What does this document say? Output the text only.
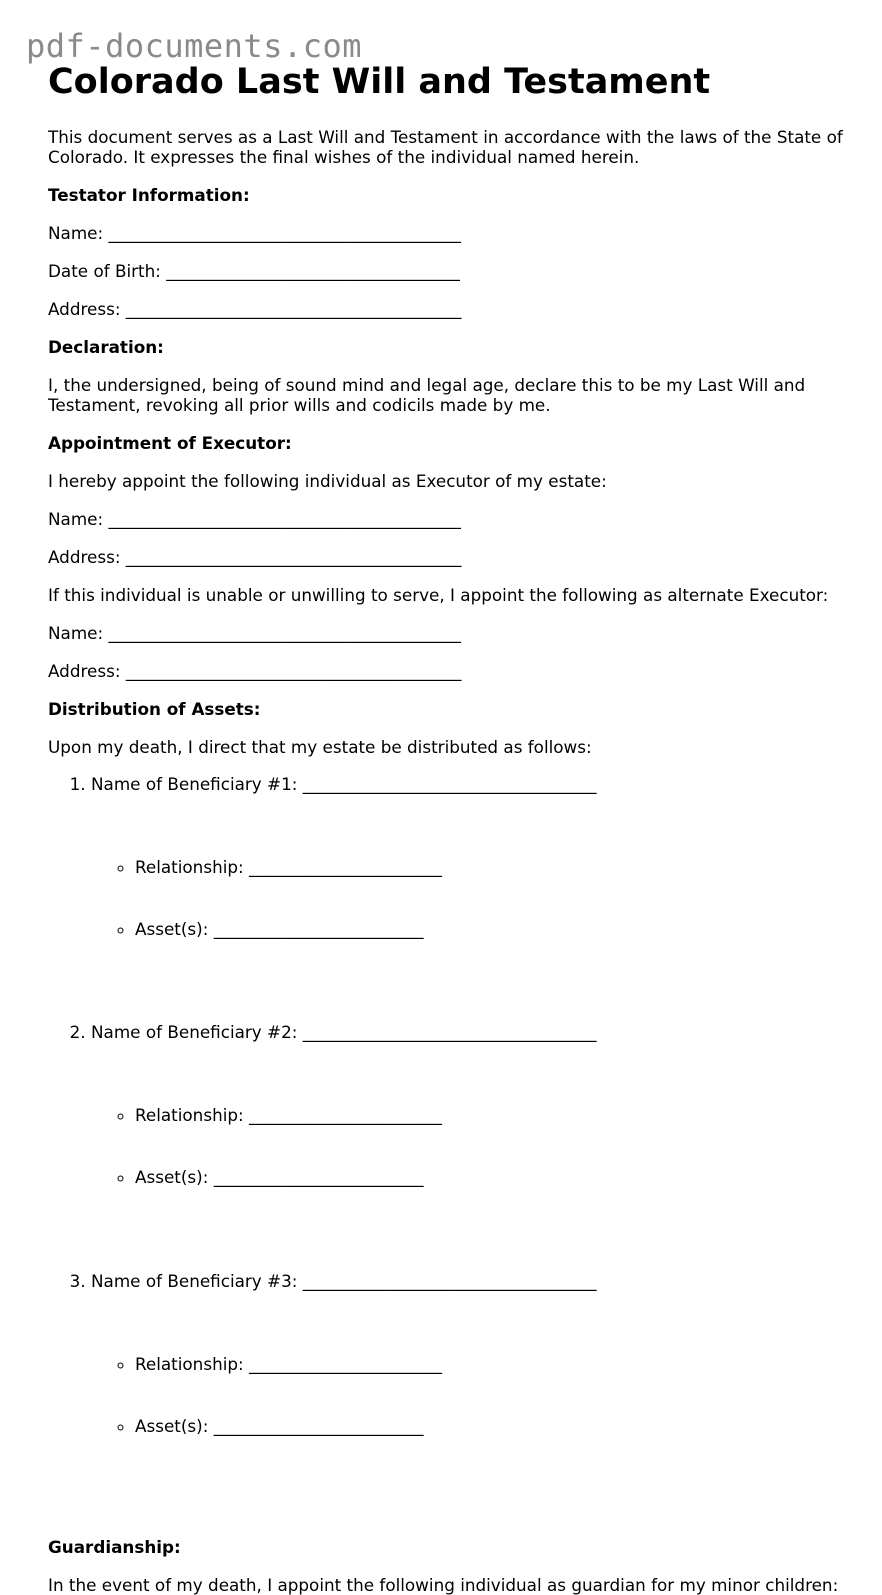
pdf-documents.com
Colorado Last Will and Testament

This document serves as a Last Will and Testament in accordance with the laws of the State of Colorado. It expresses the final wishes of the individual named herein.

Testator Information:

Name: __________________________________________

Date of Birth: ___________________________________

Address: ________________________________________

Declaration:

I, the undersigned, being of sound mind and legal age, declare this to be my Last Will and Testament, revoking all prior wills and codicils made by me.

Appointment of Executor:

I hereby appoint the following individual as Executor of my estate:

Name: __________________________________________

Address: ________________________________________

If this individual is unable or unwilling to serve, I appoint the following as alternate Executor:

Name: __________________________________________

Address: ________________________________________

Distribution of Assets:

Upon my death, I direct that my estate be distributed as follows:

1. Name of Beneficiary #1: ___________________________________

◦ Relationship: _______________________

◦ Asset(s): _________________________

2. Name of Beneficiary #2: ___________________________________

◦ Relationship: _______________________

◦ Asset(s): _________________________

3. Name of Beneficiary #3: ___________________________________

◦ Relationship: _______________________

◦ Asset(s): _________________________

Guardianship:

In the event of my death, I appoint the following individual as guardian for my minor children:
